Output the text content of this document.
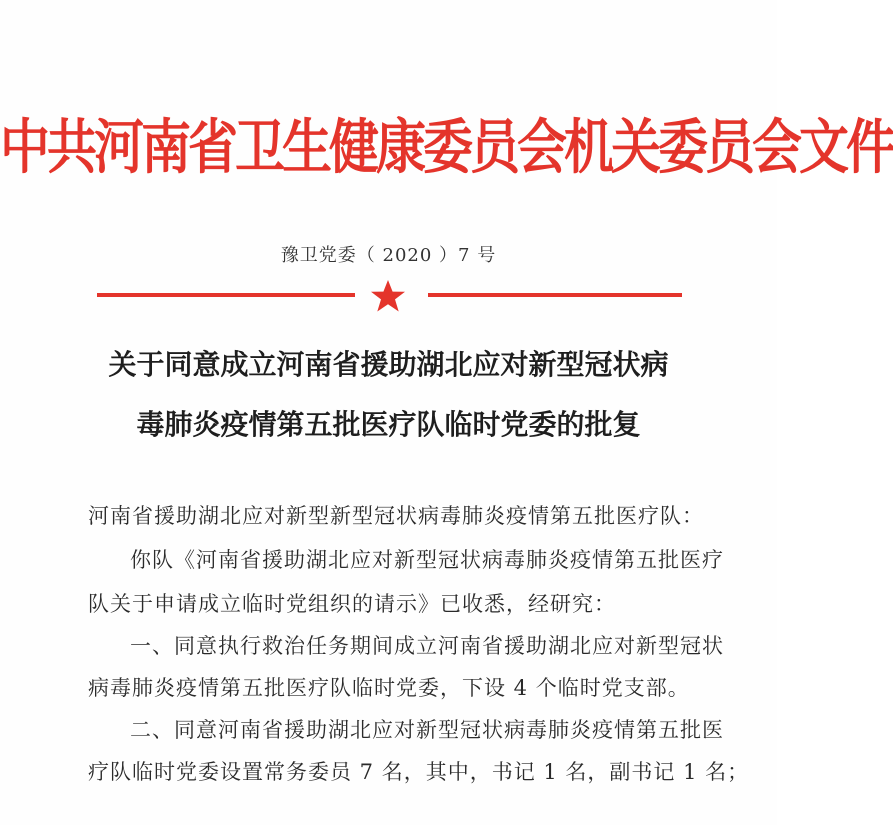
中共河南省卫生健康委员会机关委员会文件
豫卫党委（ 2020 ）7 号
关于同意成立河南省援助湖北应对新型冠状病
毒肺炎疫情第五批医疗队临时党委的批复
河南省援助湖北应对新型新型冠状病毒肺炎疫情第五批医疗队：
你队《河南省援助湖北应对新型冠状病毒肺炎疫情第五批医疗
队关于申请成立临时党组织的请示》已收悉，经研究：
一、同意执行救治任务期间成立河南省援助湖北应对新型冠状
病毒肺炎疫情第五批医疗队临时党委，下设 4 个临时党支部。
二、同意河南省援助湖北应对新型冠状病毒肺炎疫情第五批医
疗队临时党委设置常务委员 7 名，其中，书记 1 名，副书记 1 名；
